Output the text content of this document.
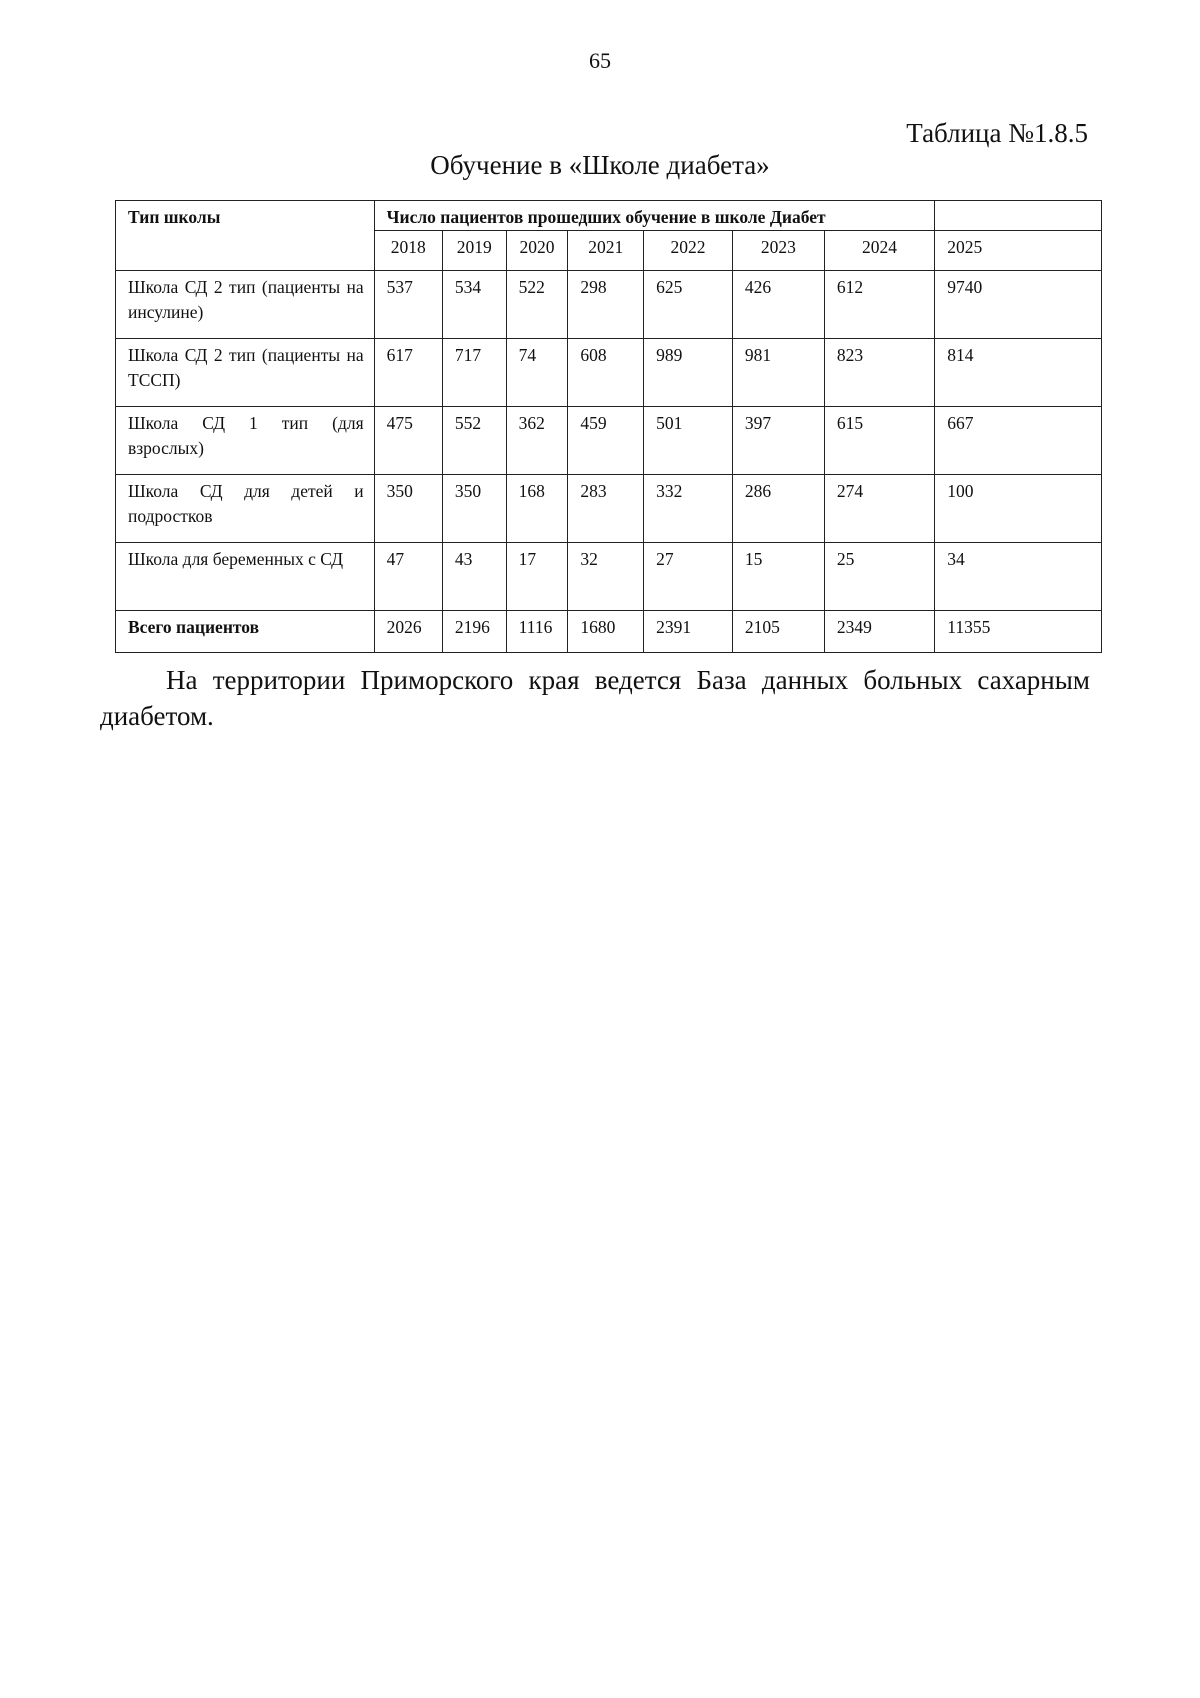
65
Таблица №1.8.5
Обучение в «Школе диабета»
Тип школы	Число пациентов прошедших обучение в школе Диабет							
	2018	2019	2020	2021	2022	2023	2024	2025
Школа СД 2 тип (пациенты на инсулине)	537	534	522	298	625	426	612	9740
Школа СД 2 тип (пациенты на ТССП)	617	717	74	608	989	981	823	814
Школа СД 1 тип (для взрослых)	475	552	362	459	501	397	615	667
Школа СД для детей и подростков	350	350	168	283	332	286	274	100
Школа для беременных с СД	47	43	17	32	27	15	25	34
Всего пациентов	2026	2196	1116	1680	2391	2105	2349	11355
На территории Приморского края ведется База данных больных сахарным диабетом.
